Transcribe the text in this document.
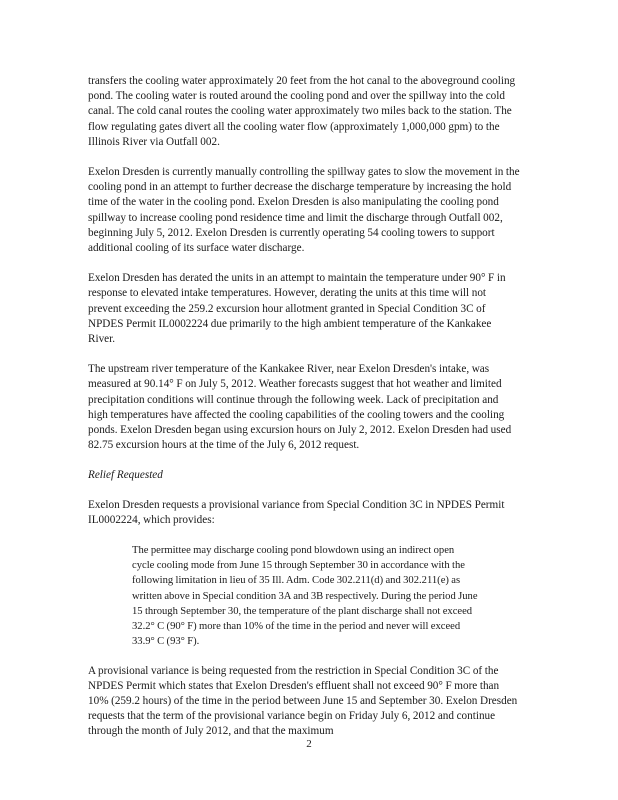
transfers the cooling water approximately 20 feet from the hot canal to the aboveground cooling pond. The cooling water is routed around the cooling pond and over the spillway into the cold canal. The cold canal routes the cooling water approximately two miles back to the station. The flow regulating gates divert all the cooling water flow (approximately 1,000,000 gpm) to the Illinois River via Outfall 002.

Exelon Dresden is currently manually controlling the spillway gates to slow the movement in the cooling pond in an attempt to further decrease the discharge temperature by increasing the hold time of the water in the cooling pond. Exelon Dresden is also manipulating the cooling pond spillway to increase cooling pond residence time and limit the discharge through Outfall 002, beginning July 5, 2012. Exelon Dresden is currently operating 54 cooling towers to support additional cooling of its surface water discharge.

Exelon Dresden has derated the units in an attempt to maintain the temperature under 90° F in response to elevated intake temperatures. However, derating the units at this time will not prevent exceeding the 259.2 excursion hour allotment granted in Special Condition 3C of NPDES Permit IL0002224 due primarily to the high ambient temperature of the Kankakee River.

The upstream river temperature of the Kankakee River, near Exelon Dresden's intake, was measured at 90.14° F on July 5, 2012. Weather forecasts suggest that hot weather and limited precipitation conditions will continue through the following week. Lack of precipitation and high temperatures have affected the cooling capabilities of the cooling towers and the cooling ponds. Exelon Dresden began using excursion hours on July 2, 2012. Exelon Dresden had used 82.75 excursion hours at the time of the July 6, 2012 request.

Relief Requested

Exelon Dresden requests a provisional variance from Special Condition 3C in NPDES Permit IL0002224, which provides:

The permittee may discharge cooling pond blowdown using an indirect open cycle cooling mode from June 15 through September 30 in accordance with the following limitation in lieu of 35 Ill. Adm. Code 302.211(d) and 302.211(e) as written above in Special condition 3A and 3B respectively. During the period June 15 through September 30, the temperature of the plant discharge shall not exceed 32.2° C (90° F) more than 10% of the time in the period and never will exceed 33.9° C (93° F).

A provisional variance is being requested from the restriction in Special Condition 3C of the NPDES Permit which states that Exelon Dresden's effluent shall not exceed 90° F more than 10% (259.2 hours) of the time in the period between June 15 and September 30. Exelon Dresden requests that the term of the provisional variance begin on Friday July 6, 2012 and continue through the month of July 2012, and that the maximum

2
